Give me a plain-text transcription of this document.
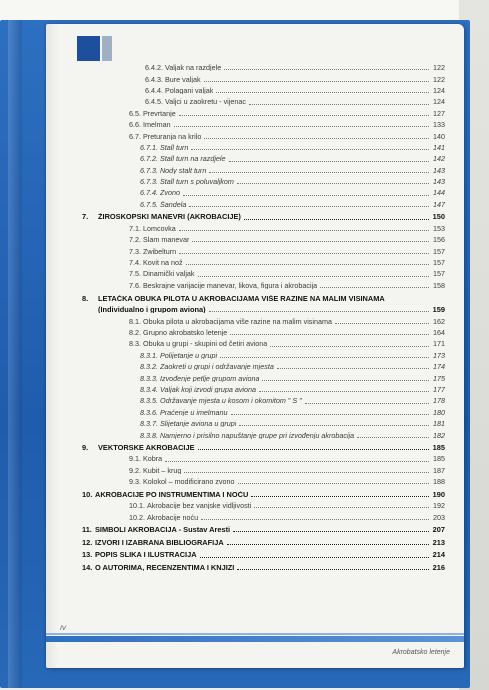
6.4.2. Valjak na razdjele	122
6.4.3. Bure valjak	122
6.4.4. Polagani valjak	124
6.4.5. Valjci u zaokretu - vijenac	124
6.5. Prevrtanje	127
6.6. Imelman	133
6.7. Preturanja na krilo	140
6.7.1. Stall turn	141
6.7.2. Stall turn na razdjele	142
6.7.3. Nody stalt turn	143
6.7.3. Stall turn s poluvaljkom	143
6.7.4. Zvono	144
6.7.5. Šandela	147
7.	ŽIROSKOPSKI MANEVRI (AKROBACIJE)	150
7.1. Lomcovka	153
7.2. Slam manevar	156
7.3. Zwibelturn	157
7.4. Kovit na nož	157
7.5. Dinamički valjak	157
7.6. Beskrajne varijacije manevar, likova, figura i akrobacija	158
8.	LETAČKA OBUKA PILOTA U AKROBACIJAMA VIŠE RAZINE NA MALIM VISINAMA
(Individualno i grupom aviona)	159
8.1. Obuka pilota u akrobacijama više razine na malim visinama	162
8.2. Grupno akrobatsko letenje	164
8.3. Obuka u grupi - skupini od četiri aviona	171
8.3.1. Polijetanje u grupi	173
8.3.2. Zaokreti u grupi i održavanje mjesta	174
8.3.3. Izvođenje petlje grupom aviona	175
8.3.4. Valjak koji izvodi grupa aviona	177
8.3.5. Održavanje mjesta u kosom i okomitom " S "	178
8.3.6. Praćenje u imelmanu	180
8.3.7. Slijetanje aviona u grupi	181
8.3.8. Namjerno i prisilno napuštanje grupe pri izvođenju akrobacija	182
9.	VEKTORSKE AKROBACIJE	185
9.1. Kobra	185
9.2. Kubit – krug	187
9.3. Kolokol – modificirano zvono	188
10. AKROBACIJE PO INSTRUMENTIMA I NOĆU	190
10.1. Akrobacije bez vanjske vidljivosti	192
10.2. Akrobacije noću	203
11. SIMBOLI AKROBACIJA - Sustav Aresti	207
12. IZVORI I IZABRANA BIBLIOGRAFIJA	213
13. POPIS SLIKA I ILUSTRACIJA	214
14. O AUTORIMA, RECENZENTIMA I KNJIZI	216
IV
Akrobatsko letenje
